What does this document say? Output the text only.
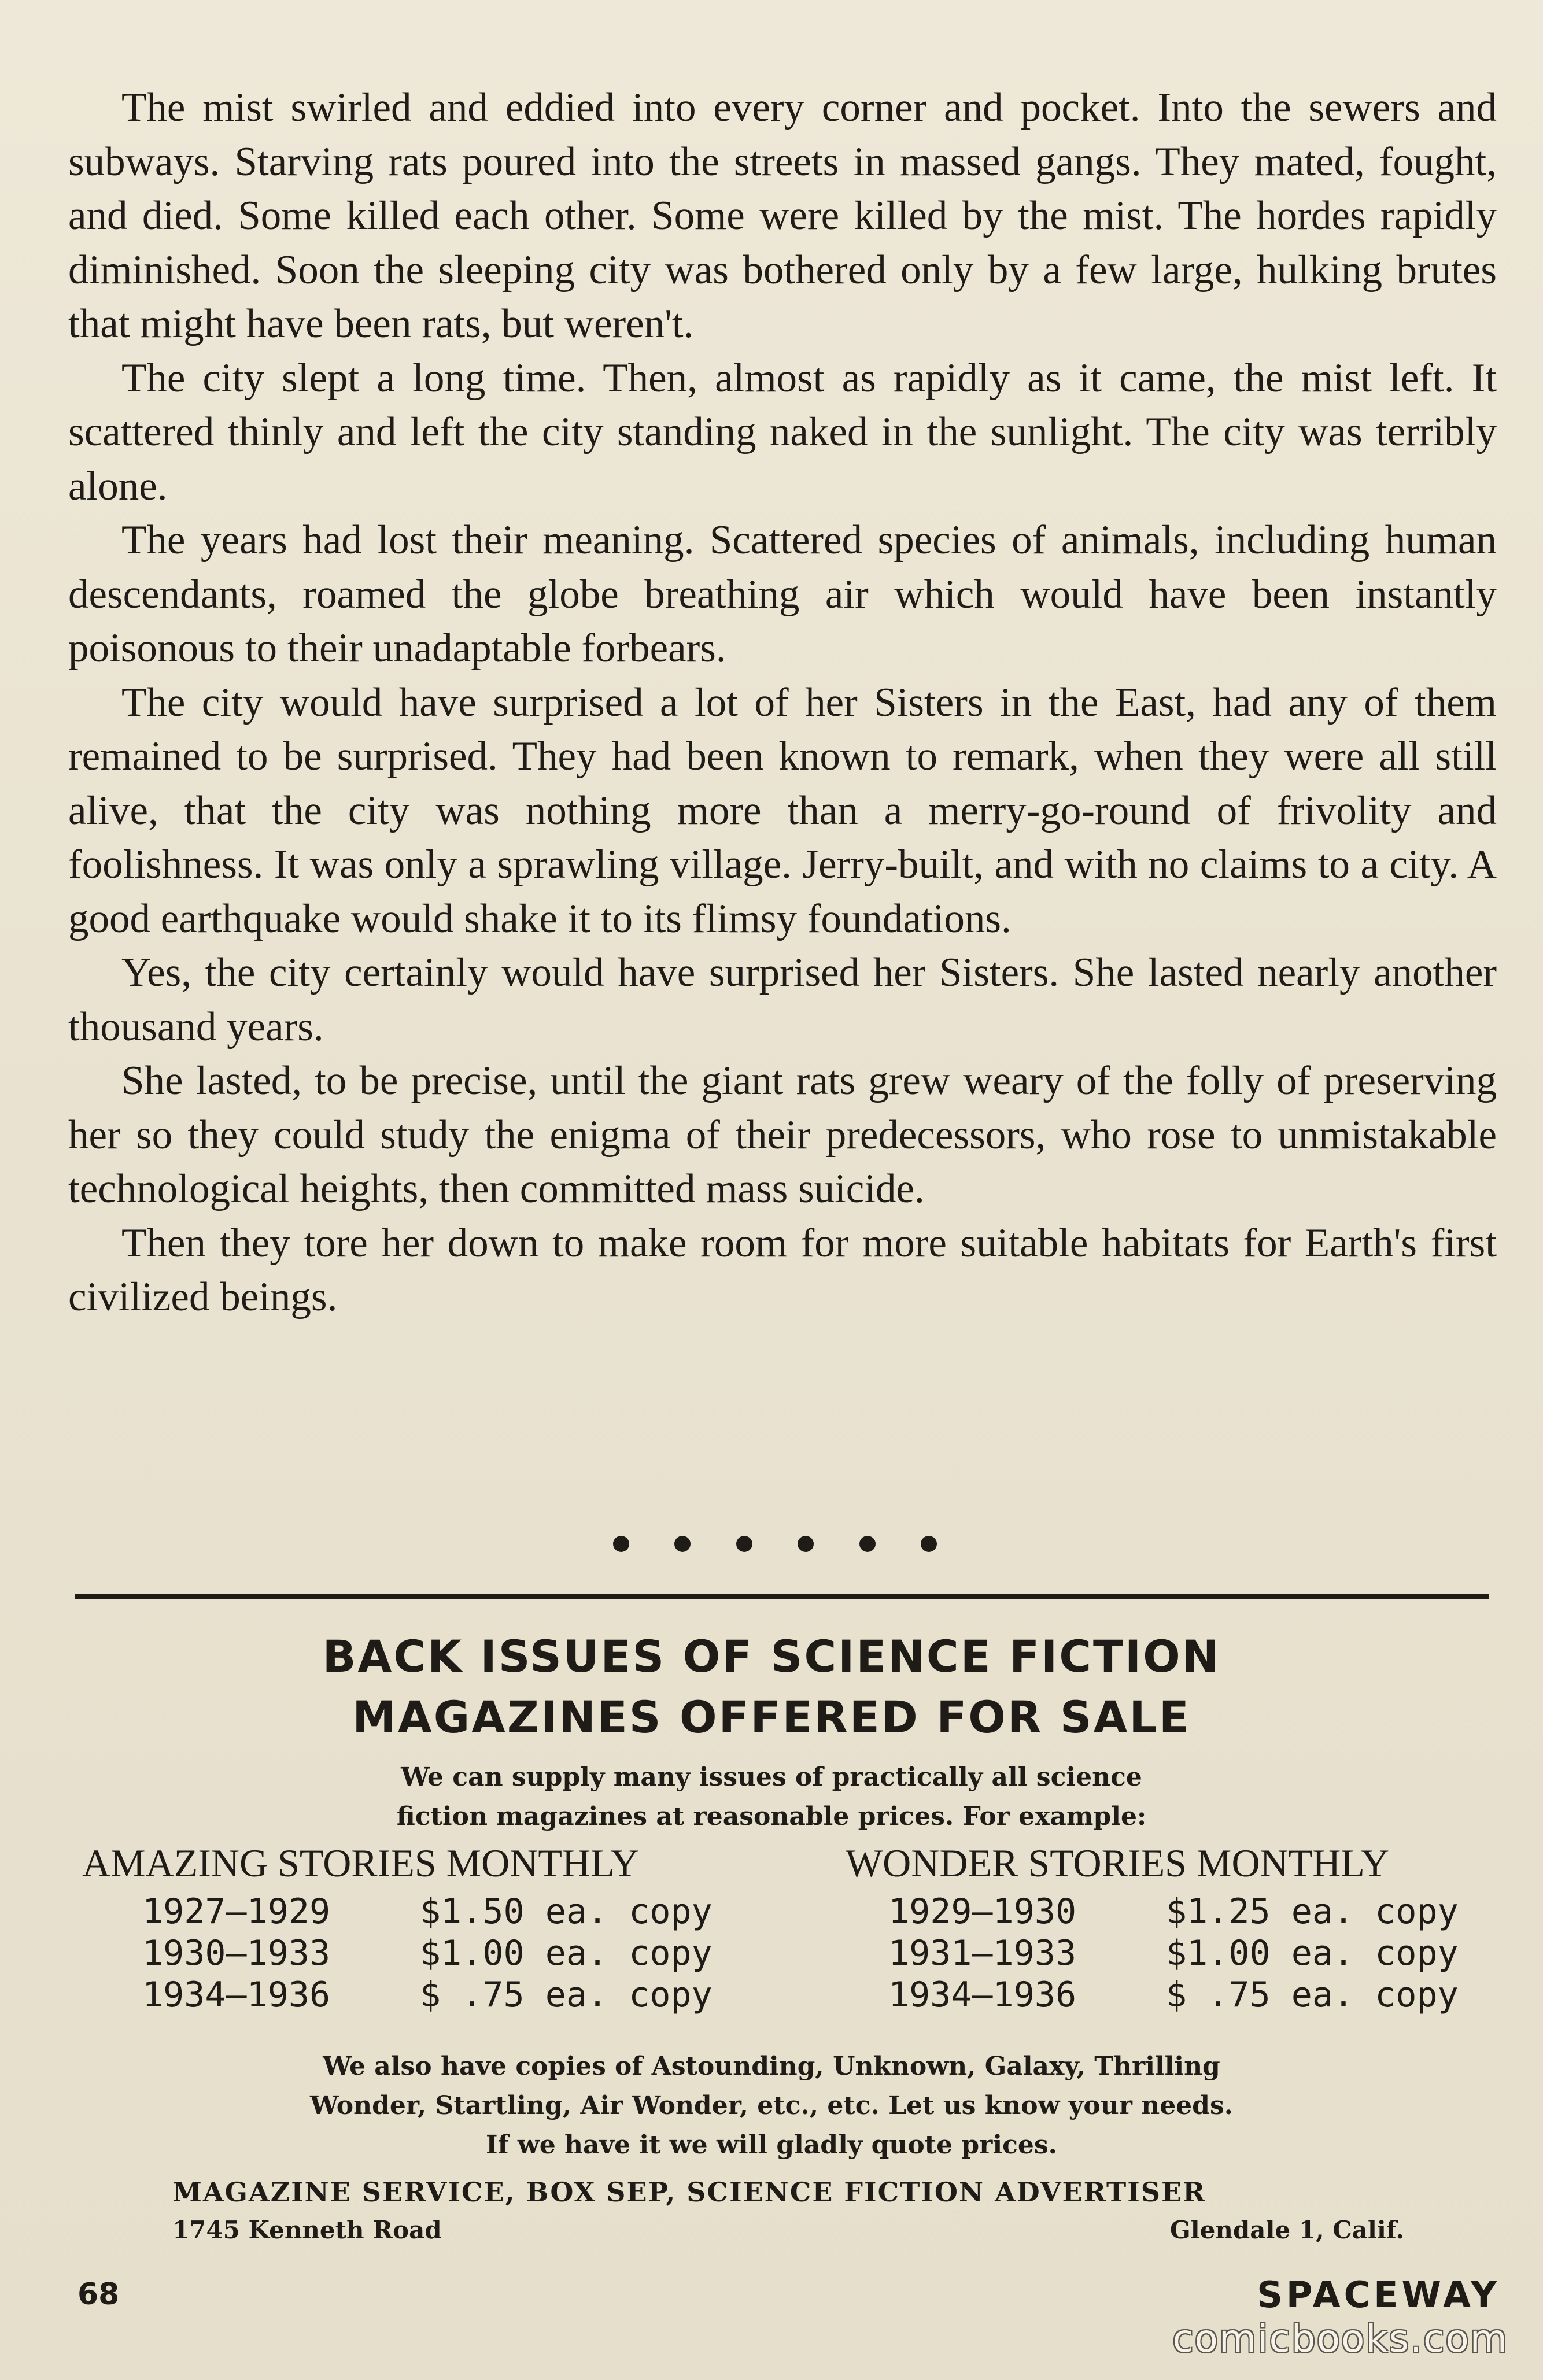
The mist swirled and eddied into every corner and pocket. Into the sewers and subways. Starving rats poured into the streets in massed gangs. They mated, fought, and died. Some killed each other. Some were killed by the mist. The hordes rapidly diminished. Soon the sleeping city was bothered only by a few large, hulking brutes that might have been rats, but weren't.

The city slept a long time. Then, almost as rapidly as it came, the mist left. It scattered thinly and left the city standing naked in the sunlight. The city was terribly alone.

The years had lost their meaning. Scattered species of animals, including human descendants, roamed the globe breathing air which would have been instantly poisonous to their unadaptable forbears.

The city would have surprised a lot of her Sisters in the East, had any of them remained to be surprised. They had been known to remark, when they were all still alive, that the city was nothing more than a merry-go-round of frivolity and foolishness. It was only a sprawling village. Jerry-built, and with no claims to a city. A good earthquake would shake it to its flimsy foundations.

Yes, the city certainly would have surprised her Sisters. She lasted nearly another thousand years.

She lasted, to be precise, until the giant rats grew weary of the folly of preserving her so they could study the enigma of their predecessors, who rose to unmistakable technological heights, then committed mass suicide.

Then they tore her down to make room for more suitable habitats for Earth's first civilized beings.

BACK ISSUES OF SCIENCE FICTION
MAGAZINES OFFERED FOR SALE
We can supply many issues of practically all science
fiction magazines at reasonable prices. For example:
AMAZING STORIES MONTHLY
1927–1929	$1.50 ea. copy
1930–1933	$1.00 ea. copy
1934–1936	$ .75 ea. copy
WONDER STORIES MONTHLY
1929–1930	$1.25 ea. copy
1931–1933	$1.00 ea. copy
1934–1936	$ .75 ea. copy
We also have copies of Astounding, Unknown, Galaxy, Thrilling
Wonder, Startling, Air Wonder, etc., etc. Let us know your needs.
If we have it we will gladly quote prices.
MAGAZINE SERVICE, BOX SEP, SCIENCE FICTION ADVERTISER
1745 Kenneth Road	Glendale 1, Calif.
68	SPACEWAY
comicbooks.com
